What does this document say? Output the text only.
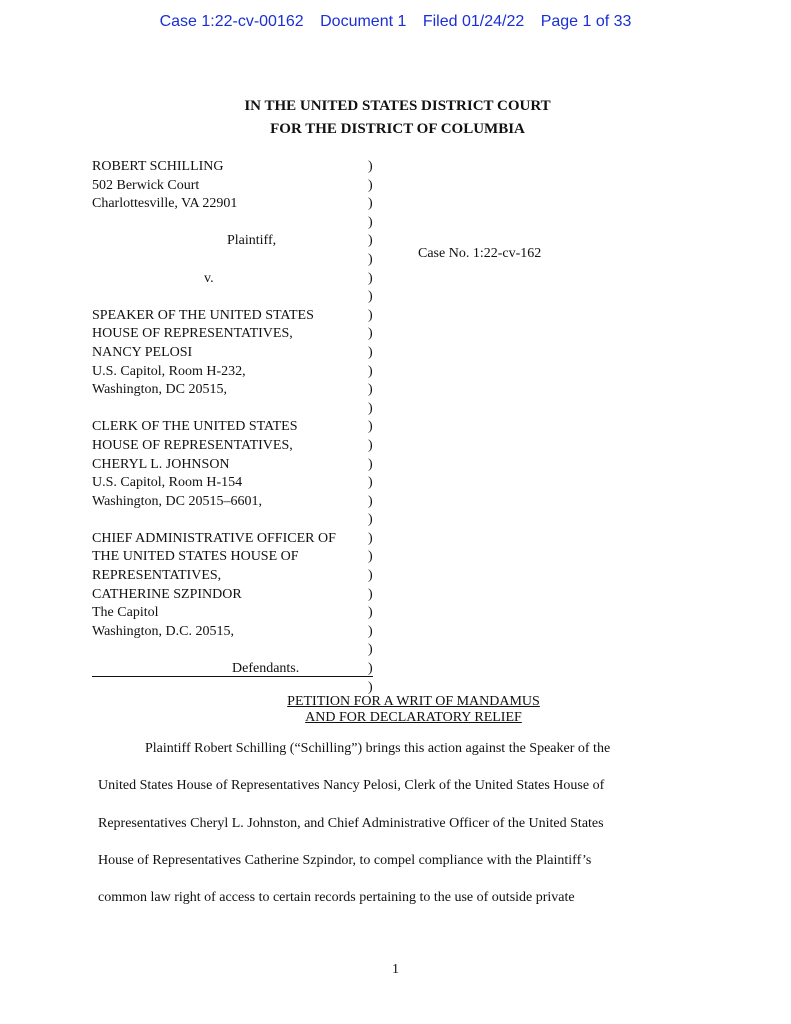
Case 1:22-cv-00162 Document 1 Filed 01/24/22 Page 1 of 33
IN THE UNITED STATES DISTRICT COURT
FOR THE DISTRICT OF COLUMBIA
ROBERT SCHILLING
502 Berwick Court
Charlottesville, VA 22901
Plaintiff,
v.
SPEAKER OF THE UNITED STATES
HOUSE OF REPRESENTATIVES,
NANCY PELOSI
U.S. Capitol, Room H-232,
Washington, DC 20515,
CLERK OF THE UNITED STATES
HOUSE OF REPRESENTATIVES,
CHERYL L. JOHNSON
U.S. Capitol, Room H-154
Washington, DC 20515–6601,
CHIEF ADMINISTRATIVE OFFICER OF
THE UNITED STATES HOUSE OF
REPRESENTATIVES,
CATHERINE SZPINDOR
The Capitol
Washington, D.C. 20515,
Defendants.
)
)
)
)
)
)
)
)
)
)
)
)
)
)
)
)
)
)
)
)
)
)
)
)
)
)
)
)
)
Case No. 1:22-cv-162
PETITION FOR A WRIT OF MANDAMUS
AND FOR DECLARATORY RELIEF
Plaintiff Robert Schilling (“Schilling”) brings this action against the Speaker of the
United States House of Representatives Nancy Pelosi, Clerk of the United States House of
Representatives Cheryl L. Johnston, and Chief Administrative Officer of the United States
House of Representatives Catherine Szpindor, to compel compliance with the Plaintiff’s
common law right of access to certain records pertaining to the use of outside private
1
